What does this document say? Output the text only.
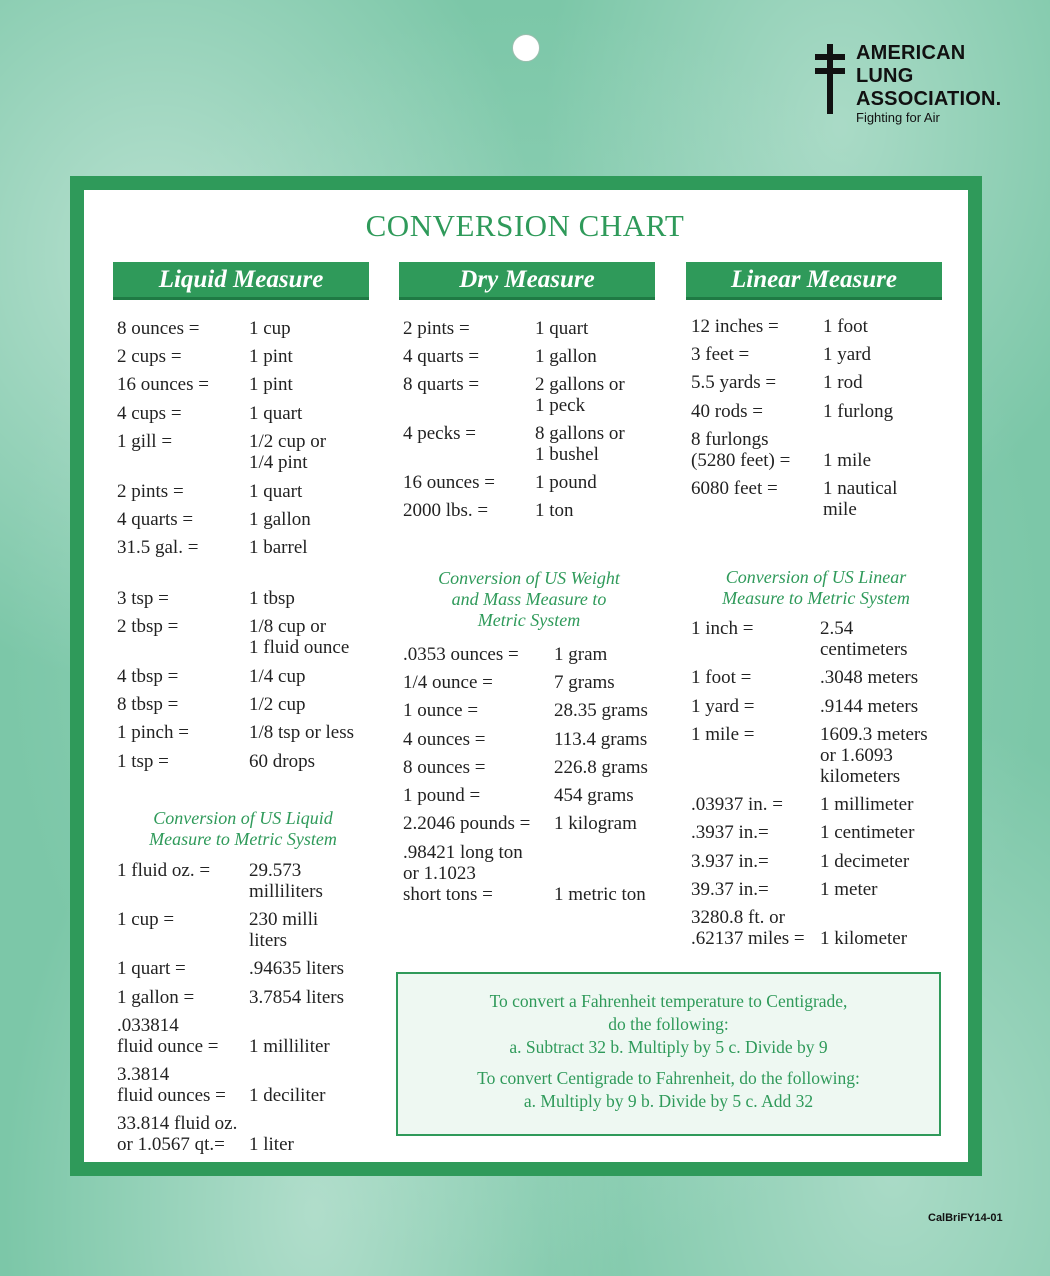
AMERICAN
LUNG
ASSOCIATION.
Fighting for Air
CONVERSION CHART
Liquid Measure	Dry Measure	Linear Measure
8 ounces =	1 cup
2 cups =	1 pint
16 ounces = 1 pint
4 cups =	1 quart
1 gill =	1/2 cup or
1/4 pint
2 pints =	1 quart
4 quarts =	1 gallon
31.5 gal. =	1 barrel
3 tsp =	1 tbsp
2 tbsp =	1/8 cup or
1 fluid ounce
4 tbsp =	1/4 cup
8 tbsp =	1/2 cup
1 pinch =	1/8 tsp or less
1 tsp =	60 drops
Conversion of US Liquid
Measure to Metric System
1 fluid oz. = 29.573
milliliters
1 cup =	230 milli
liters
1 quart =	.94635 liters
1 gallon =	3.7854 liters
.033814
fluid ounce =
1 milliliter
3.3814
fluid ounces =
1 deciliter
33.814 fluid oz.
or 1.0567 qt.=	
1 liter
2 pints =	1 quart
4 quarts =	1 gallon
8 quarts =	2 gallons or
1 peck
4 pecks =	8 gallons or
1 bushel
16 ounces = 1 pound
2000 lbs. = 1 ton
Conversion of US Weight
and Mass Measure to
Metric System
.0353 ounces = 1 gram
1/4 ounce =	7 grams
1 ounce =	28.35 grams
4 ounces =	113.4 grams
8 ounces =	226.8 grams
1 pound =	454 grams
2.2046 pounds = 1 kilogram
.98421 long ton
or 1.1023
short tons =	

1 metric ton
12 inches = 1 foot
3 feet =	1 yard
5.5 yards = 1 rod
40 rods =	1 furlong
8 furlongs
(5280 feet) =
1 mile
6080 feet = 1 nautical
mile
Conversion of US Linear
Measure to Metric System
1 inch =	2.54
centimeters
1 foot =	.3048 meters
1 yard =	.9144 meters
1 mile =	1609.3 meters
or 1.6093
kilometers
.03937 in. = 1 millimeter
.3937 in.=	1 centimeter
3.937 in.=	1 decimeter
39.37 in.=	1 meter
3280.8 ft. or
.62137 miles =
1 kilometer
To convert a Fahrenheit temperature to Centigrade,
do the following:
a. Subtract 32 b. Multiply by 5 c. Divide by 9
To convert Centigrade to Fahrenheit, do the following:
a. Multiply by 9 b. Divide by 5 c. Add 32
CalBriFY14-01
